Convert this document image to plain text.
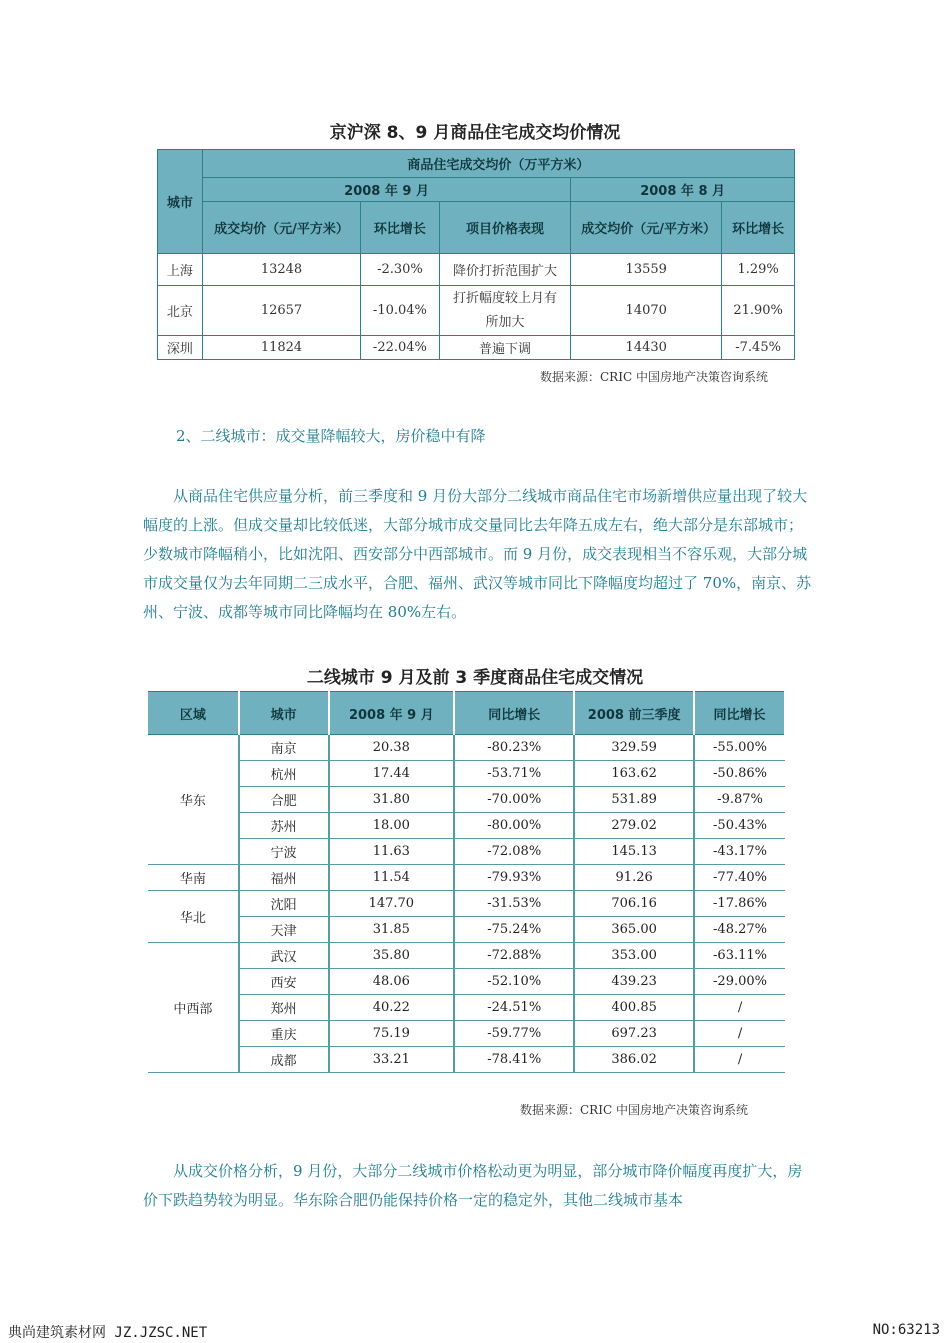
京沪深 8、9 月商品住宅成交均价情况
城市	商品住宅成交均价（万平方米）				
	2008 年 9 月			2008 年 8 月	
	成交均价（元/平方米）	环比增长	项目价格表现	成交均价（元/平方米）	环比增长
上海	13248	-2.30%	降价打折范围扩大	13559	1.29%
北京	12657	-10.04%	打折幅度较上月有所加大	14070	21.90%
深圳	11824	-22.04%	普遍下调	14430	-7.45%
数据来源：CRIC 中国房地产决策咨询系统
2、二线城市：成交量降幅较大，房价稳中有降
从商品住宅供应量分析，前三季度和 9 月份大部分二线城市商品住宅市场新增供应量出现了较大幅度的上涨。但成交量却比较低迷，大部分城市成交量同比去年降五成左右，绝大部分是东部城市；少数城市降幅稍小，比如沈阳、西安部分中西部城市。而 9 月份，成交表现相当不容乐观，大部分城市成交量仅为去年同期二三成水平，合肥、福州、武汉等城市同比下降幅度均超过了 70%，南京、苏州、宁波、成都等城市同比降幅均在 80%左右。
二线城市 9 月及前 3 季度商品住宅成交情况
区域	城市	2008 年 9 月	同比增长	2008 前三季度	同比增长
华东	南京	20.38	-80.23%	329.59	-55.00%
	杭州	17.44	-53.71%	163.62	-50.86%
	合肥	31.80	-70.00%	531.89	-9.87%
	苏州	18.00	-80.00%	279.02	-50.43%
	宁波	11.63	-72.08%	145.13	-43.17%
华南	福州	11.54	-79.93%	91.26	-77.40%
华北	沈阳	147.70	-31.53%	706.16	-17.86%
	天津	31.85	-75.24%	365.00	-48.27%
中西部	武汉	35.80	-72.88%	353.00	-63.11%
	西安	48.06	-52.10%	439.23	-29.00%
	郑州	40.22	-24.51%	400.85	/
	重庆	75.19	-59.77%	697.23	/
	成都	33.21	-78.41%	386.02	/
数据来源：CRIC 中国房地产决策咨询系统
从成交价格分析，9 月份，大部分二线城市价格松动更为明显，部分城市降价幅度再度扩大，房价下跌趋势较为明显。华东除合肥仍能保持价格一定的稳定外，其他二线城市基本
典尚建筑素材网 JZ.JZSC.NET	NO:63213
